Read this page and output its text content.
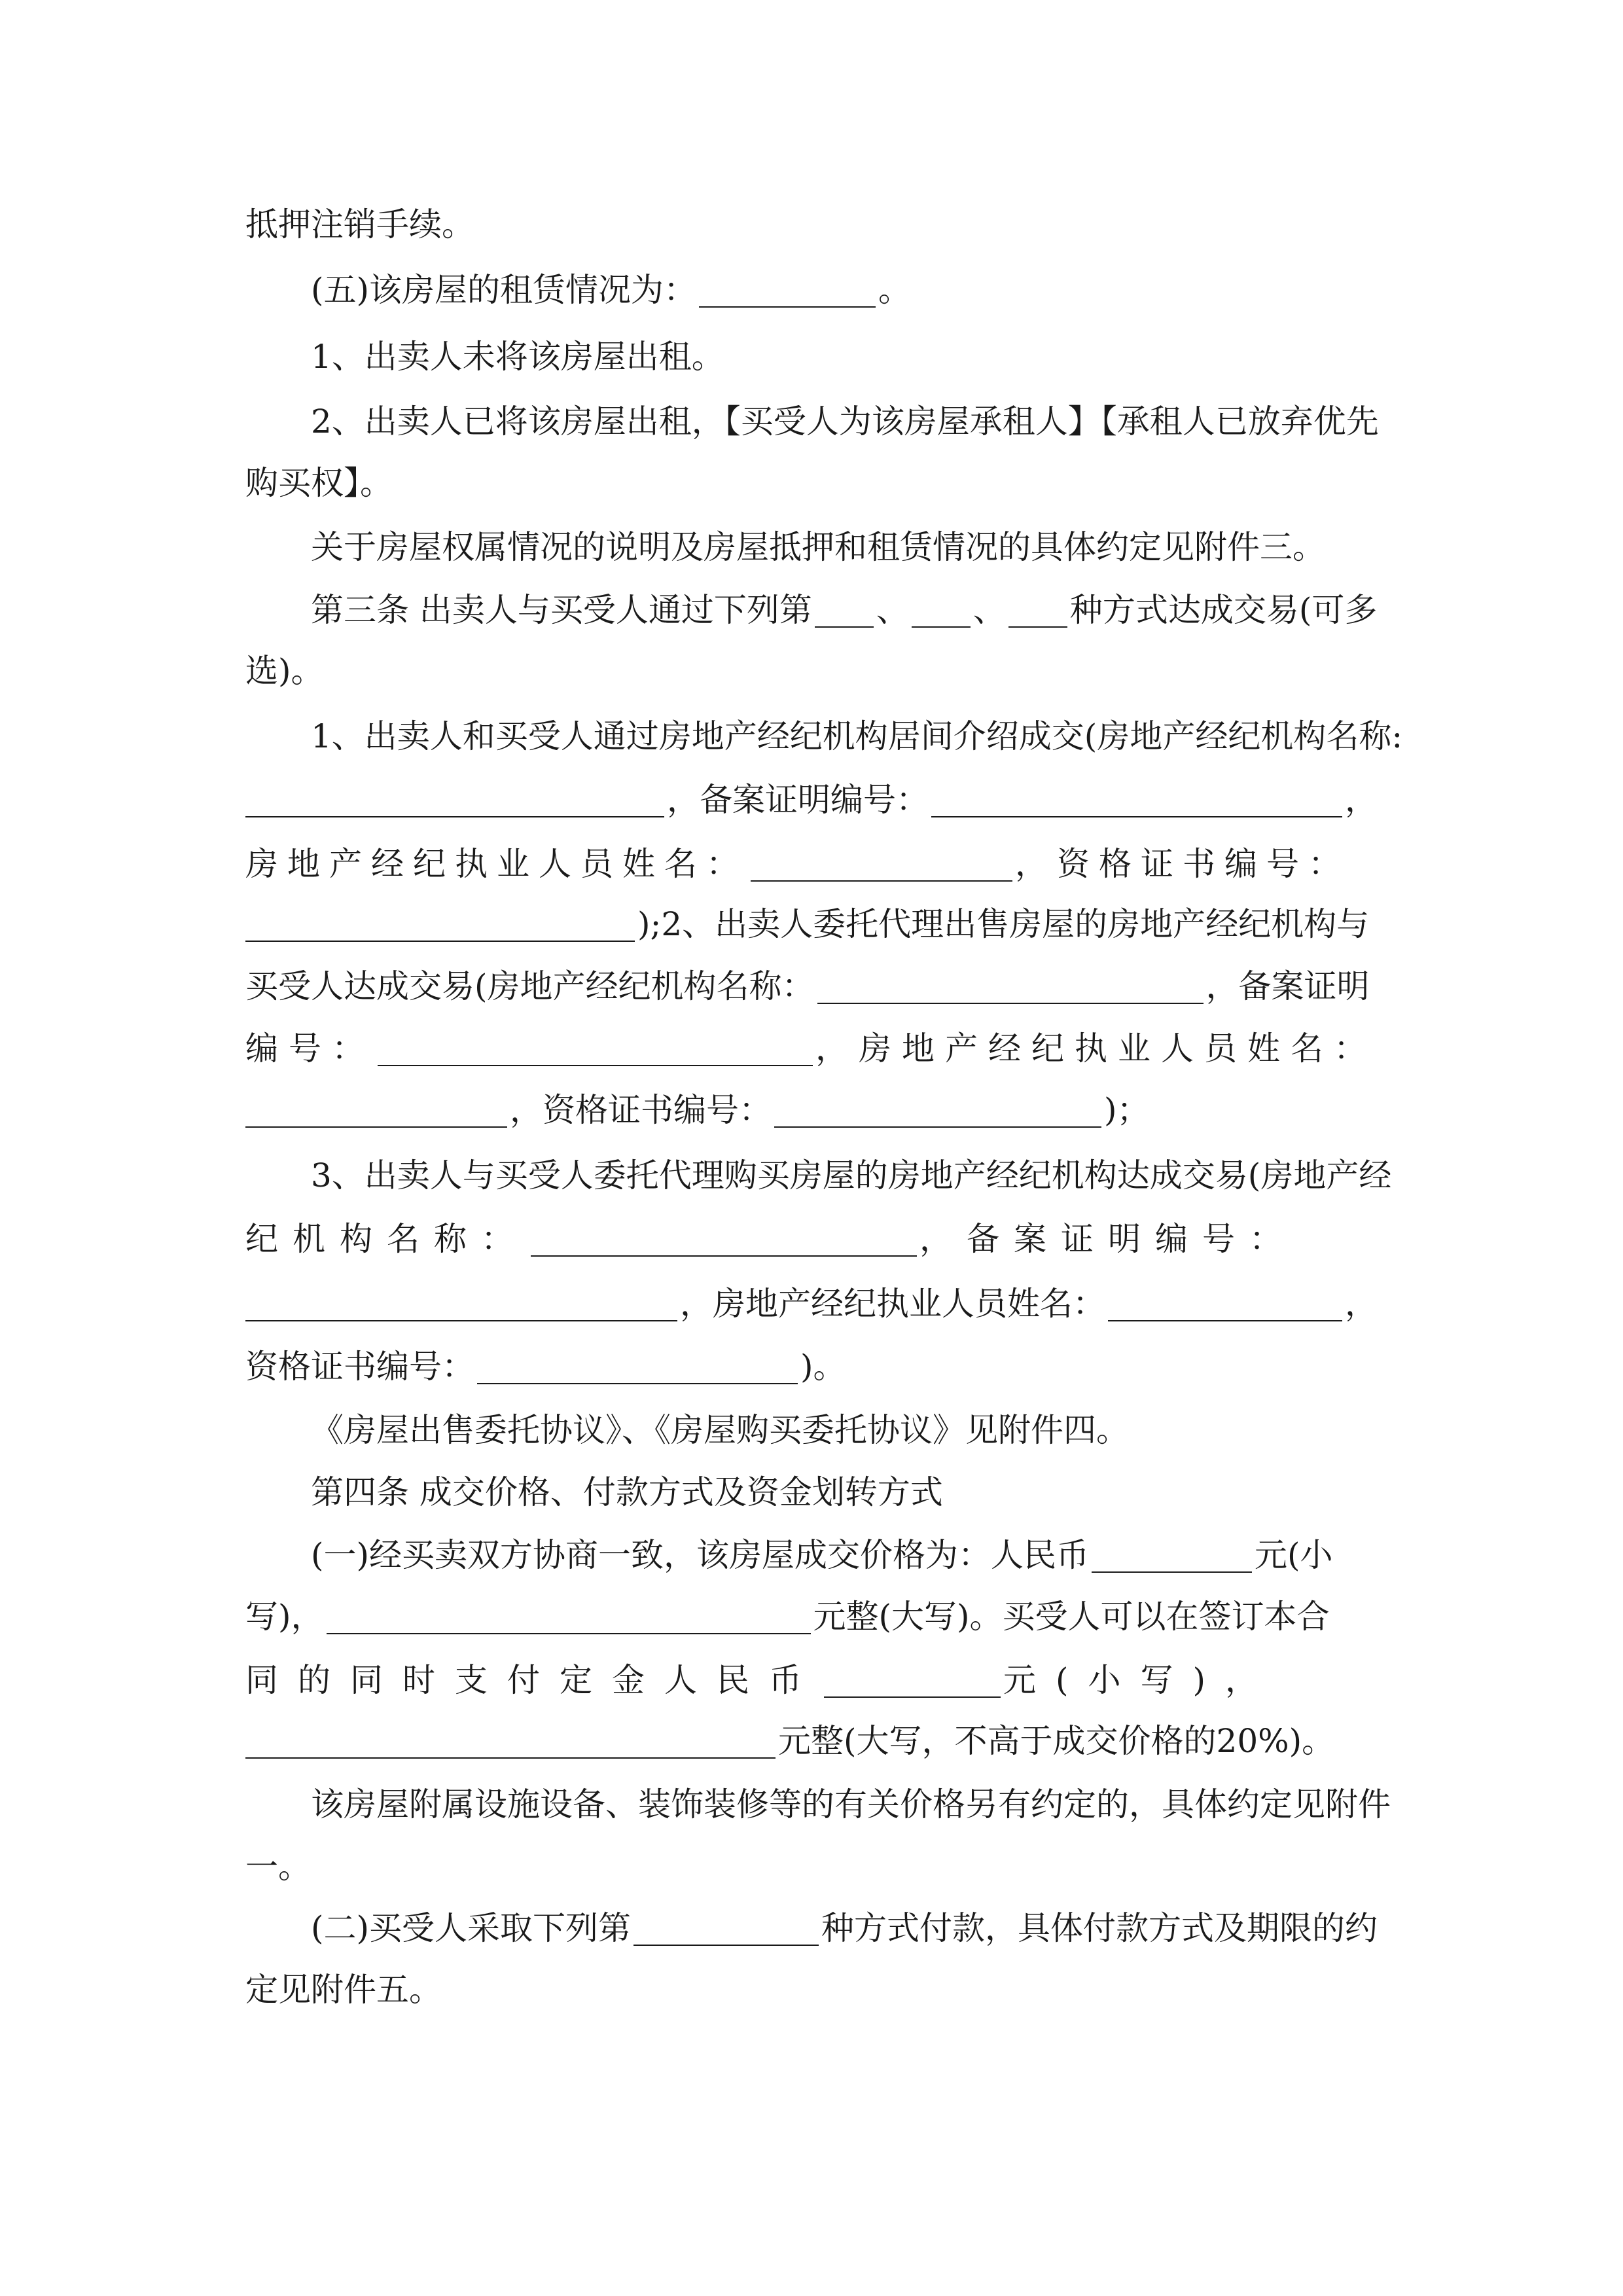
抵押注销手续。
(五)该房屋的租赁情况为：	。
1、出卖人未将该房屋出租。
2、出卖人已将该房屋出租，【买受人为该房屋承租人】【承租人已放弃优先
购买权】。
关于房屋权属情况的说明及房屋抵押和租赁情况的具体约定见附件三。
第三条 出卖人与买受人通过下列第 、 、 种方式达成交易(可多
选)。
1、出卖人和买受人通过房地产经纪机构居间介绍成交(房地产经纪机构名称:
，备案证明编号：	，
房地产经纪执业人员姓名：	，资格证书编号：
);2、出卖人委托代理出售房屋的房地产经纪机构与
买受人达成交易(房地产经纪机构名称：	，备案证明
编号：	，房地产经纪执业人员姓名：
，资格证书编号：	)；
3、出卖人与买受人委托代理购买房屋的房地产经纪机构达成交易(房地产经
纪机构名称：	，备案证明编号：
，房地产经纪执业人员姓名：	，
资格证书编号：	)。
《房屋出售委托协议》、《房屋购买委托协议》见附件四。
第四条 成交价格、付款方式及资金划转方式
(一)经买卖双方协商一致，该房屋成交价格为：人民币	元(小
写)，	元整(大写)。买受人可以在签订本合
同的同时支付定金人民币	元(小写)，
元整(大写，不高于成交价格的20%)。
该房屋附属设施设备、装饰装修等的有关价格另有约定的，具体约定见附件
一。
(二)买受人采取下列第	种方式付款，具体付款方式及期限的约
定见附件五。
